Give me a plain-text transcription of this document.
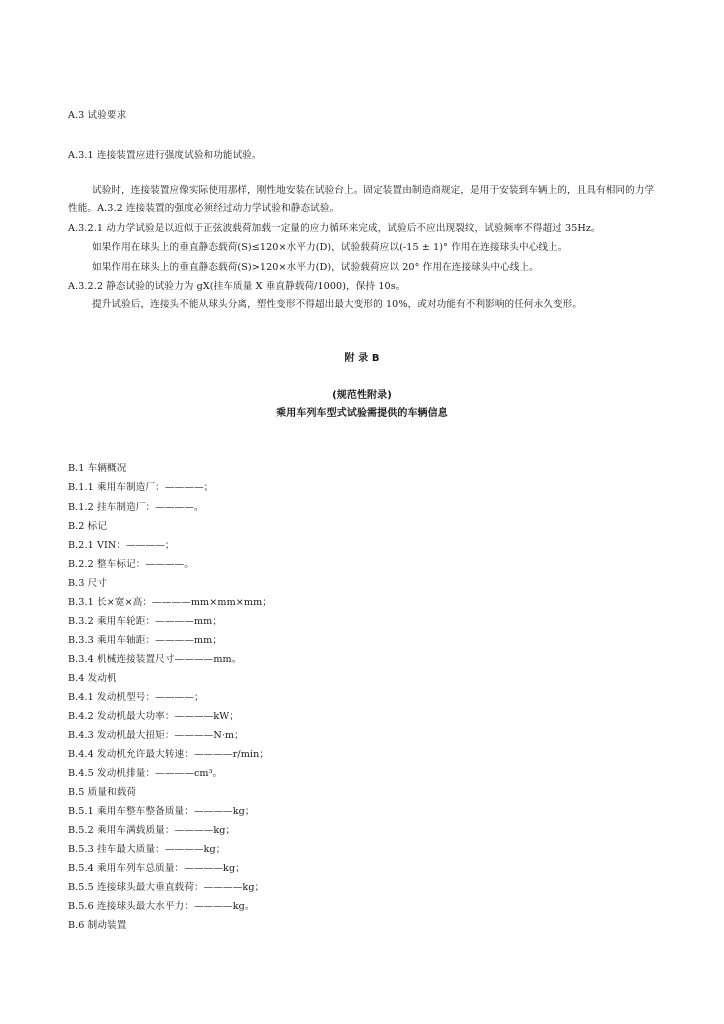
A.3 试验要求
A.3.1 连接装置应进行强度试验和功能试验。
试验时，连接装置应像实际使用那样，刚性地安装在试验台上。固定装置由制造商规定，是用于安装到车辆上的，且具有相同的力学性能。A.3.2 连接装置的强度必须经过动力学试验和静态试验。
A.3.2.1 动力学试验是以近似于正弦波载荷加载一定量的应力循环来完成，试验后不应出现裂纹，试验频率不得超过 35Hz。
如果作用在球头上的垂直静态载荷(S)≤120×水平力(D)，试验载荷应以(-15 ± 1)° 作用在连接球头中心线上。
如果作用在球头上的垂直静态载荷(S)>120×水平力(D)，试验载荷应以 20° 作用在连接球头中心线上。
A.3.2.2 静态试验的试验力为 gX(挂车质量 X 垂直静载荷/1000)，保持 10s。
提升试验后，连接头不能从球头分离，塑性变形不得超出最大变形的 10%，或对功能有不利影响的任何永久变形。
附 录 B
(规范性附录)
乘用车列车型式试验需提供的车辆信息
B.1 车辆概况
B.1.1 乘用车制造厂：————；
B.1.2 挂车制造厂：————。
B.2 标记
B.2.1 VIN：————；
B.2.2 整车标记：————。
B.3 尺寸
B.3.1 长×宽×高：————mm×mm×mm；
B.3.2 乘用车轮距：————mm；
B.3.3 乘用车轴距：————mm；
B.3.4 机械连接装置尺寸————mm。
B.4 发动机
B.4.1 发动机型号：————；
B.4.2 发动机最大功率：————kW；
B.4.3 发动机最大扭矩：————N·m；
B.4.4 发动机允许最大转速：————r/min；
B.4.5 发动机排量：————cm³。
B.5 质量和载荷
B.5.1 乘用车整车整备质量：————kg；
B.5.2 乘用车满载质量：————kg；
B.5.3 挂车最大质量：————kg；
B.5.4 乘用车列车总质量：————kg；
B.5.5 连接球头最大垂直载荷：————kg；
B.5.6 连接球头最大水平力：————kg。
B.6 制动装置
